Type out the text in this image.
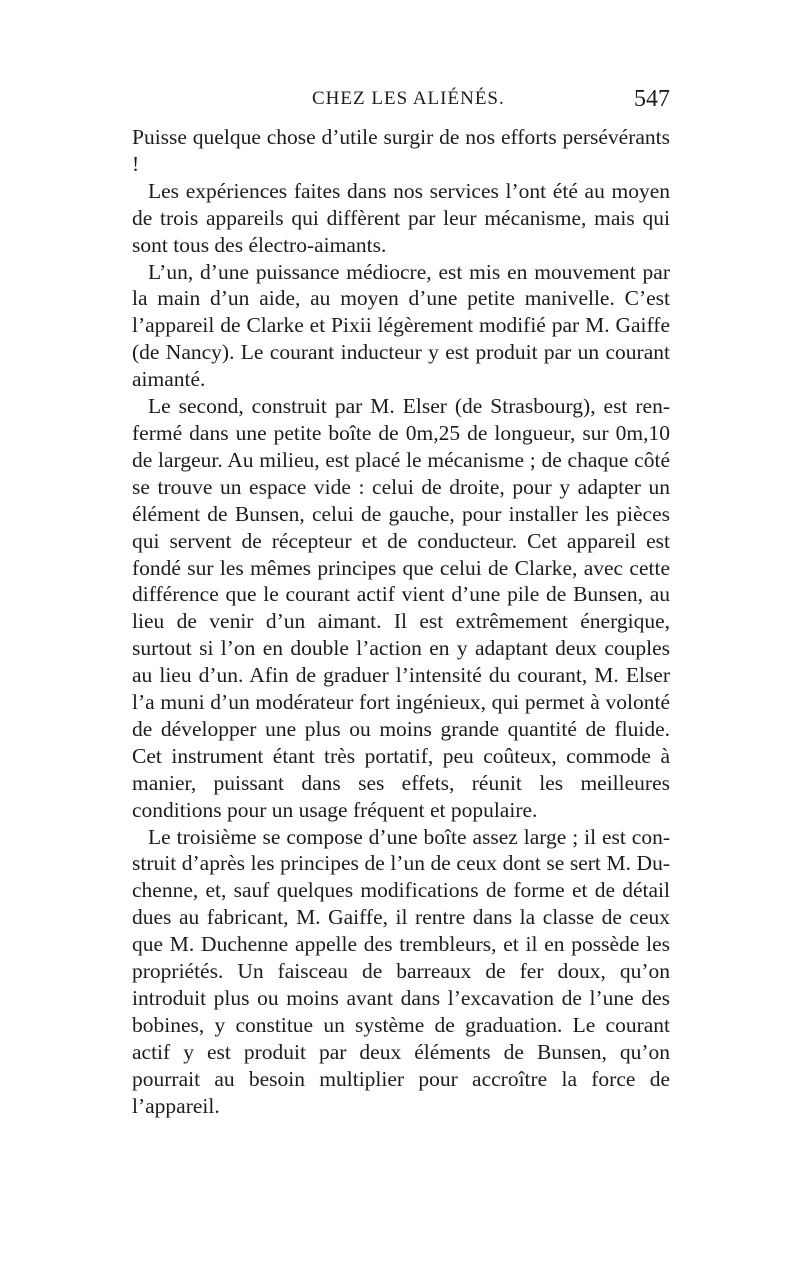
CHEZ LES ALIÉNÉS.	547

Puisse quelque chose d’utile surgir de nos efforts persévérants !

Les expériences faites dans nos services l’ont été au moyen de trois appareils qui diffèrent par leur mécanisme, mais qui sont tous des électro-aimants.

L’un, d’une puissance médiocre, est mis en mouvement par la main d’un aide, au moyen d’une petite manivelle. C’est l’appareil de Clarke et Pixii légèrement modifié par M. Gaiffe (de Nancy). Le courant inducteur y est produit par un courant aimanté.

Le second, construit par M. Elser (de Strasbourg), est renfermé dans une petite boîte de 0m,25 de longueur, sur 0m,10 de largeur. Au milieu, est placé le mécanisme ; de chaque côté se trouve un espace vide : celui de droite, pour y adapter un élément de Bunsen, celui de gauche, pour installer les pièces qui servent de récepteur et de conducteur. Cet appareil est fondé sur les mêmes principes que celui de Clarke, avec cette différence que le courant actif vient d’une pile de Bunsen, au lieu de venir d’un aimant. Il est extrêmement énergique, surtout si l’on en double l’action en y adaptant deux couples au lieu d’un. Afin de graduer l’intensité du courant, M. Elser l’a muni d’un modérateur fort ingénieux, qui permet à volonté de développer une plus ou moins grande quantité de fluide. Cet instrument étant très portatif, peu coûteux, commode à manier, puissant dans ses effets, réunit les meilleures conditions pour un usage fréquent et populaire.

Le troisième se compose d’une boîte assez large ; il est construit d’après les principes de l’un de ceux dont se sert M. Duchenne, et, sauf quelques modifications de forme et de détail dues au fabricant, M. Gaiffe, il rentre dans la classe de ceux que M. Duchenne appelle des trembleurs, et il en possède les propriétés. Un faisceau de barreaux de fer doux, qu’on introduit plus ou moins avant dans l’excavation de l’une des bobines, y constitue un système de graduation. Le courant actif y est produit par deux éléments de Bunsen, qu’on pourrait au besoin multiplier pour accroître la force de l’appareil.
